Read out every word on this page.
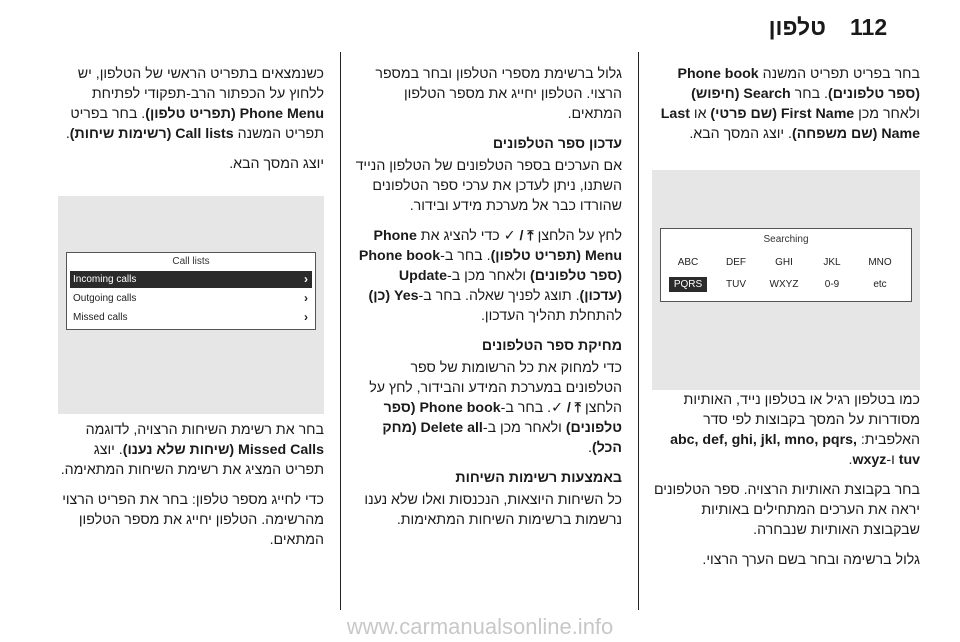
112
טלפון

בחר בפריט תפריט המשנה Phone book (ספר טלפונים). בחר Search (חיפוש) ולאחר מכן First Name (שם פרטי) או Last Name (שם משפחה). יוצג המסך הבא.

כמו בטלפון רגיל או בטלפון נייד, האותיות מסודרות על המסך בקבוצות לפי סדר האלפבית: abc, def, ghi, jkl, mno, pqrs, tuv ו-wxyz.

בחר בקבוצת האותיות הרצויה. ספר הטלפונים יראה את הערכים המתחילים באותיות שבקבוצת האותיות שנבחרה.

גלול ברשימה ובחר בשם הערך הרצוי.

Searching
ABC	DEF	GHI	JKL	MNO
PQRS	TUV	WXYZ	0-9	etc

גלול ברשימת מספרי הטלפון ובחר במספר הרצוי. הטלפון יחייג את מספר הטלפון המתאים.

עדכון ספר הטלפונים

אם הערכים בספר הטלפונים של הטלפון הנייד השתנו, ניתן לעדכן את ערכי ספר הטלפונים שהורדו כבר אל מערכת מידע ובידור.

לחץ על הלחצן ⤒ / ✓ כדי להציג את Phone Menu (תפריט טלפון). בחר ב-Phone book (ספר טלפונים) ולאחר מכן ב-Update (עדכון). תוצג לפניך שאלה. בחר ב-Yes (כן) להתחלת תהליך העדכון.

מחיקת ספר הטלפונים

כדי למחוק את כל הרשומות של ספר הטלפונים במערכת המידע והבידור, לחץ על הלחצן ⤒ / ✓. בחר ב-Phone book (ספר טלפונים) ולאחר מכן ב-Delete all (מחק הכל).

באמצעות רשימות השיחות

כל השיחות היוצאות, הנכנסות ואלו שלא נענו נרשמות ברשימות השיחות המתאימות.

כשנמצאים בתפריט הראשי של הטלפון, יש ללחוץ על הכפתור הרב-תפקודי לפתיחת Phone Menu (תפריט טלפון). בחר בפריט תפריט המשנה Call lists (רשימות שיחות).

יוצג המסך הבא.

בחר את רשימת השיחות הרצויה, לדוגמה Missed Calls (שיחות שלא נענו). יוצג תפריט המציג את רשימת השיחות המתאימה.

כדי לחייג מספר טלפון: בחר את הפריט הרצוי מהרשימה. הטלפון יחייג את מספר הטלפון המתאים.

Call lists
Incoming calls	›
Outgoing calls	›
Missed calls	›
www.carmanualsonline.info
